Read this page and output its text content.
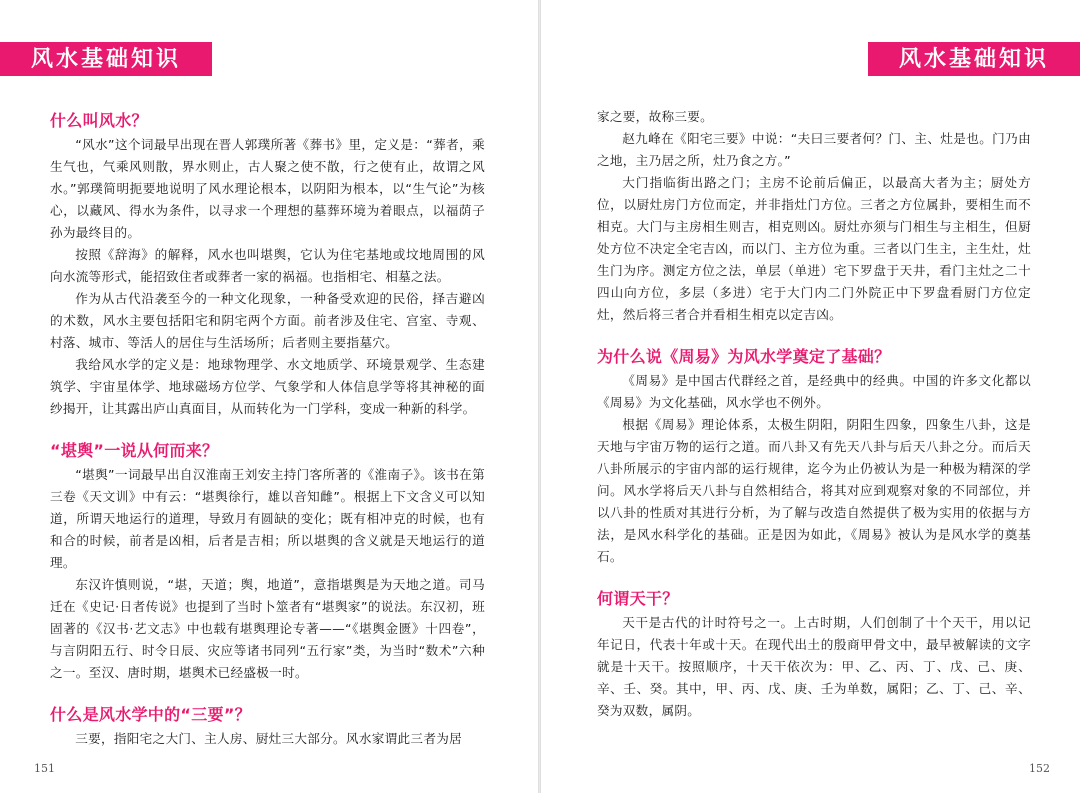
风水基础知识
什么叫风水？

“风水”这个词最早出现在晋人郭璞所著《葬书》里，定义是：“葬者，乘生气也，气乘风则散，界水则止，古人聚之使不散，行之使有止，故谓之风水。”郭璞简明扼要地说明了风水理论根本，以阴阳为根本，以“生气论”为核心，以藏风、得水为条件，以寻求一个理想的墓葬环境为着眼点，以福荫子孙为最终目的。

按照《辞海》的解释，风水也叫堪舆，它认为住宅基地或坟地周围的风向水流等形式，能招致住者或葬者一家的祸福。也指相宅、相墓之法。

作为从古代沿袭至今的一种文化现象，一种备受欢迎的民俗，择吉避凶的术数，风水主要包括阳宅和阴宅两个方面。前者涉及住宅、宫室、寺观、村落、城市、等活人的居住与生活场所；后者则主要指墓穴。

我给风水学的定义是：地球物理学、水文地质学、环境景观学、生态建筑学、宇宙星体学、地球磁场方位学、气象学和人体信息学等将其神秘的面纱揭开，让其露出庐山真面目，从而转化为一门学科，变成一种新的科学。

“堪舆”一说从何而来？

“堪舆”一词最早出自汉淮南王刘安主持门客所著的《淮南子》。该书在第三卷《天文训》中有云：“堪舆徐行，雄以音知雌”。根据上下文含义可以知道，所谓天地运行的道理，导致月有圆缺的变化；既有相冲克的时候，也有和合的时候，前者是凶相，后者是吉相；所以堪舆的含义就是天地运行的道理。

东汉许慎则说，“堪，天道；舆，地道”，意指堪舆是为天地之道。司马迁在《史记·日者传说》也提到了当时卜筮者有“堪舆家”的说法。东汉初，班固著的《汉书·艺文志》中也载有堪舆理论专著——“《堪舆金匮》十四卷”，与言阴阳五行、时令日辰、灾应等诸书同列“五行家”类，为当时“数术”六种之一。至汉、唐时期，堪舆术已经盛极一时。

什么是风水学中的“三要”？

三要，指阳宅之大门、主人房、厨灶三大部分。风水家谓此三者为居

151
风水基础知识

家之要，故称三要。

赵九峰在《阳宅三要》中说：“夫曰三要者何？门、主、灶是也。门乃由之地，主乃居之所，灶乃食之方。”

大门指临街出路之门；主房不论前后偏正，以最高大者为主；厨处方位，以厨灶房门方位而定，并非指灶门方位。三者之方位属卦，要相生而不相克。大门与主房相生则吉，相克则凶。厨灶亦须与门相生与主相生，但厨处方位不决定全宅吉凶，而以门、主方位为重。三者以门生主，主生灶，灶生门为序。测定方位之法，单层（单进）宅下罗盘于天井，看门主灶之二十四山向方位，多层（多进）宅于大门内二门外院正中下罗盘看厨门方位定灶，然后将三者合并看相生相克以定吉凶。

为什么说《周易》为风水学奠定了基础？

《周易》是中国古代群经之首，是经典中的经典。中国的许多文化都以《周易》为文化基础，风水学也不例外。

根据《周易》理论体系，太极生阴阳，阴阳生四象，四象生八卦，这是天地与宇宙万物的运行之道。而八卦又有先天八卦与后天八卦之分。而后天八卦所展示的宇宙内部的运行规律，迄今为止仍被认为是一种极为精深的学问。风水学将后天八卦与自然相结合，将其对应到观察对象的不同部位，并以八卦的性质对其进行分析，为了解与改造自然提供了极为实用的依据与方法，是风水科学化的基础。正是因为如此，《周易》被认为是风水学的奠基石。

何谓天干？

天干是古代的计时符号之一。上古时期，人们创制了十个天干，用以记年记日，代表十年或十天。在现代出土的殷商甲骨文中，最早被解读的文字就是十天干。按照顺序，十天干依次为：甲、乙、丙、丁、戊、己、庚、辛、壬、癸。其中，甲、丙、戊、庚、壬为单数，属阳；乙、丁、己、辛、癸为双数，属阴。

152
